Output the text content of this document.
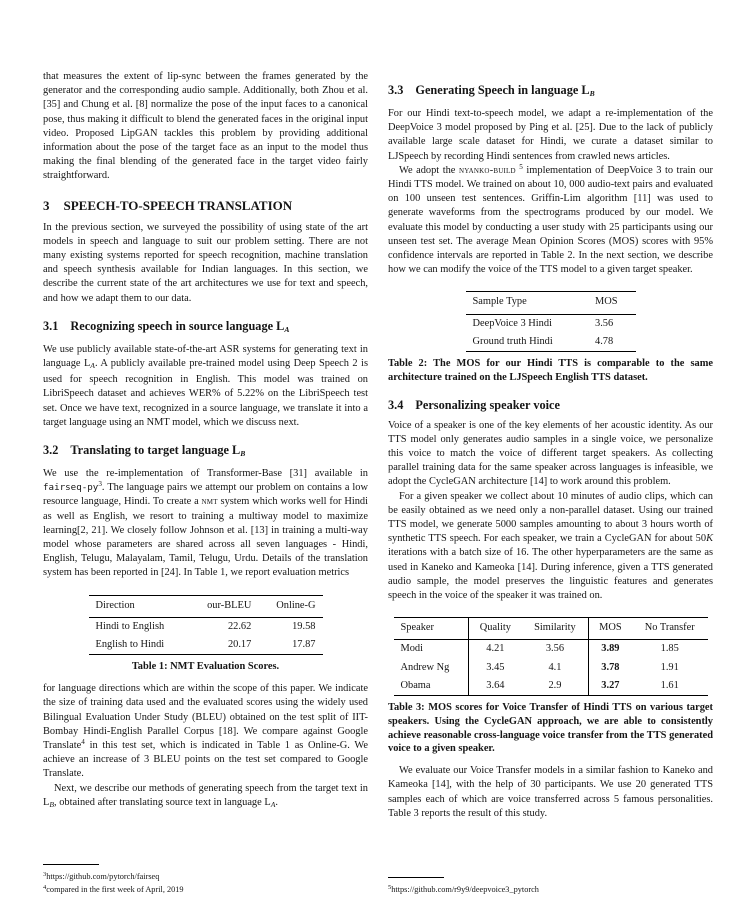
that measures the extent of lip-sync between the frames generated by the generator and the corresponding audio sample. Additionally, both Zhou et al. [35] and Chung et al. [8] normalize the pose of the input faces to a canonical pose, thus making it difficult to blend the generated faces in the original input video. Proposed LipGAN tackles this problem by providing additional information about the pose of the target face as an input to the model thus making the final blending of the generated face in the target video fairly straightforward.

3 SPEECH-TO-SPEECH TRANSLATION

In the previous section, we surveyed the possibility of using state of the art models in speech and language to suit our problem setting. There are not many existing systems reported for speech recognition, machine translation and speech synthesis available for Indian languages. In this section, we describe the current state of the art architectures we use for text and speech, and how we adapt them to our data.

3.1 Recognizing speech in source language LA

We use publicly available state-of-the-art ASR systems for generating text in language LA. A publicly available pre-trained model using Deep Speech 2 is used for speech recognition in English. This model was trained on LibriSpeech dataset and achieves WER% of 5.22% on the LibriSpeech test set. Once we have text, recognized in a source language, we translate it into a target language using an NMT model, which we discuss next.

3.2 Translating to target language LB

We use the re-implementation of Transformer-Base [31] available in fairseq-$py^3$. The language pairs we attempt our problem on contains a low resource language, Hindi. To create a nmt system which works well for Hindi as well as English, we resort to training a multiway model to maximize learning[2, 21]. We closely follow Johnson et al. [13] in training a multi-way model whose parameters are shared across all seven languages - Hindi, English, Telugu, Malayalam, Tamil, Telugu, Urdu. Details of the translation system has been reported in [24]. In Table 1, we report evaluation metrics

Direction	our-BLEU	Online-G
Hindi to English	22.62	19.58
English to Hindi	20.17	17.87
Table 1: NMT Evaluation Scores.

for language directions which are within the scope of this paper. We indicate the size of training data used and the evaluated scores using the widely used Bilingual Evaluation Under Study (BLEU) obtained on the test split of IIT-Bombay Hindi-English Parallel Corpus [18]. We compare against Google Translate$^4$ in this test set, which is indicated in Table 1 as Online-G. We achieve an increase of 3 BLEU points on the test set compared to Google Translate.

Next, we describe our methods of generating speech from the target text in LB, obtained after translating source text in language LA.

$^3$https://github.com/pytorch/fairseq
$^4$compared in the first week of April, 2019
3.3 Generating Speech in language LB

For our Hindi text-to-speech model, we adapt a re-implementation of the DeepVoice 3 model proposed by Ping et al. [25]. Due to the lack of publicly available large scale dataset for Hindi, we curate a dataset similar to LJSpeech by recording Hindi sentences from crawled news articles.

We adopt the nyanko-build $^5$ implementation of DeepVoice 3 to train our Hindi TTS model. We trained on about 10, 000 audio-text pairs and evaluated on 100 unseen test sentences. Griffin-Lim algorithm [11] was used to generate waveforms from the spectrograms produced by our model. We evaluate this model by conducting a user study with 25 participants using our unseen test set. The average Mean Opinion Scores (MOS) scores with 95% confidence intervals are reported in Table 2. In the next section, we describe how we can modify the voice of the TTS model to a given target speaker.

Sample Type	MOS
DeepVoice 3 Hindi	3.56
Ground truth Hindi	4.78
Table 2: The MOS for our Hindi TTS is comparable to the same architecture trained on the LJSpeech English TTS dataset.
3.4 Personalizing speaker voice

Voice of a speaker is one of the key elements of her acoustic identity. As our TTS model only generates audio samples in a single voice, we personalize this voice to match the voice of different target speakers. As collecting parallel training data for the same speaker across languages is infeasible, we adopt the CycleGAN architecture [14] to work around this problem.

For a given speaker we collect about 10 minutes of audio clips, which can be easily obtained as we need only a non-parallel dataset. Using our trained TTS model, we generate 5000 samples amounting to about 3 hours worth of synthetic TTS speech. For each speaker, we train a CycleGAN for about 50K iterations with a batch size of 16. The other hyperparameters are the same as used in Kaneko and Kameoka [14]. During inference, given a TTS generated audio sample, the model preserves the linguistic features and generates speech in the voice of the speaker it was trained on.

Speaker	Quality	Similarity	MOS	No Transfer
Modi	4.21	3.56	3.89	1.85
Andrew Ng	3.45	4.1	3.78	1.91
Obama	3.64	2.9	3.27	1.61
Table 3: MOS scores for Voice Transfer of Hindi TTS on various target speakers. Using the CycleGAN approach, we are able to consistently achieve reasonable cross-language voice transfer from the TTS generated voice to a given speaker.

We evaluate our Voice Transfer models in a similar fashion to Kaneko and Kameoka [14], with the help of 30 participants. We use 20 generated TTS samples each of which are voice transferred across 5 famous personalities. Table 3 reports the result of this study.

$^5$https://github.com/r9y9/deepvoice3_pytorch
